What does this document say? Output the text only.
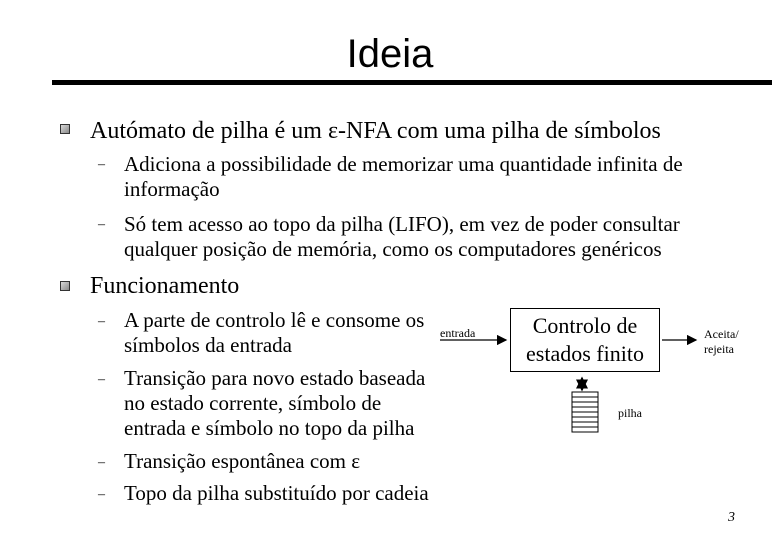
Ideia
Autómato de pilha é um ε-NFA com uma pilha de símbolos
– Adiciona a possibilidade de memorizar uma quantidade infinita de
informação
– Só tem acesso ao topo da pilha (LIFO), em vez de poder consultar
qualquer posição de memória, como os computadores genéricos
Funcionamento
– A parte de controlo lê e consome os
símbolos da entrada
– Transição para novo estado baseada
no estado corrente, símbolo de
entrada e símbolo no topo da pilha
– Transição espontânea com ε
– Topo da pilha substituído por cadeia
entrada	Controlo de
estados finito
Aceita/
rejeita
pilha
3
